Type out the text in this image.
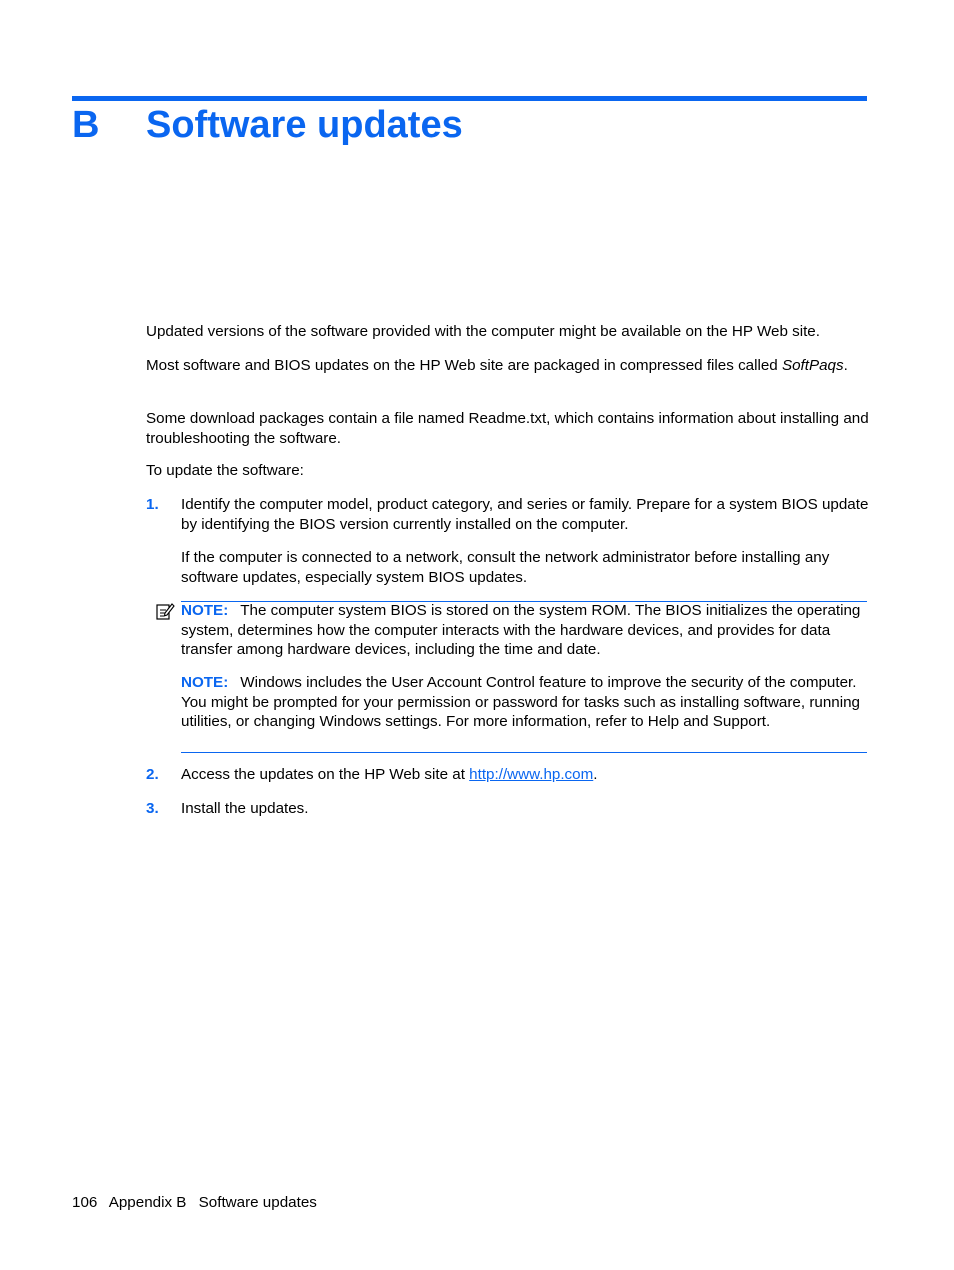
B Software updates

Updated versions of the software provided with the computer might be available on the HP Web site.

Most software and BIOS updates on the HP Web site are packaged in compressed files called SoftPaqs.

Some download packages contain a file named Readme.txt, which contains information about installing and troubleshooting the software.

To update the software:

1. Identify the computer model, product category, and series or family. Prepare for a system BIOS update by identifying the BIOS version currently installed on the computer.

If the computer is connected to a network, consult the network administrator before installing any software updates, especially system BIOS updates.

NOTE: The computer system BIOS is stored on the system ROM. The BIOS initializes the operating system, determines how the computer interacts with the hardware devices, and provides for data transfer among hardware devices, including the time and date.

NOTE: Windows includes the User Account Control feature to improve the security of the computer. You might be prompted for your permission or password for tasks such as installing software, running utilities, or changing Windows settings. For more information, refer to Help and Support.

2. Access the updates on the HP Web site at http://www.hp.com.

3. Install the updates.

106 Appendix B Software updates
